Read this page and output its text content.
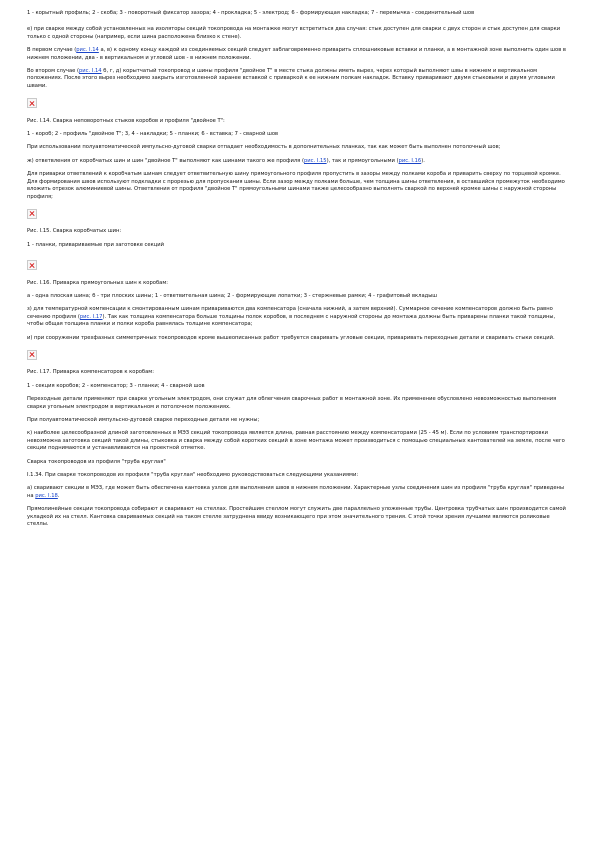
1 - корытный профиль; 2 - скоба; 3 - поворотный фиксатор зазора; 4 - прокладка; 5 - электрод; 6 - формирующая накладка; 7 - перемычка - соединительный шов

е) при сварке между собой установленных на изоляторы секций токопровода на монтажке могут встретиться два случая: стык доступен для сварки с двух сторон и стык доступен для сварки только с одной стороны (например, если шина расположена близко к стене).

В первом случае (рис. I.14 а, в) к одному концу каждой из соединяемых секций следует заблаговременно приварить сплошниковые вставки и планки, а в монтажной зоне выполнить один шов в нижнем положении, два - в вертикальном и угловой шов - в нижнем положении.

Во втором случае (рис. I.14 б, г, д) корытчатый токопровод и шины профиля "двойное Т" в месте стыка должны иметь вырез, через который выполняют швы в нижнем и вертикальном положениях. После этого вырез необходимо закрыть изготовленной заранее вставкой с приваркой к ее нижним полкам накладок. Вставку приваривают двумя стыковыми и двумя угловыми швами.

Рис. I.14. Сварка неповоротных стыков коробов и профиля "двойное Т":

1 - короб; 2 - профиль "двойное Т"; 3, 4 - накладки; 5 - планки; 6 - вставка; 7 - сварной шов

При использовании полуавтоматической импульсно-дуговой сварки отпадает необходимость в дополнительных планках, так как может быть выполнен потолочный шов;

ж) ответвления от коробчатых шин и шин "двойное Т" выполняют как шинами такого же профиля (рис. I.15), так и прямоугольными (рис. I.16).

Для приварки ответвлений к коробчатым шинам следует ответвительную шину прямоугольного профиля пропустить в зазоры между полками короба и приварить сверху по торцевой кромке. Для формирования швов используют подкладки с прорезью для пропускания шины. Если зазор между полками больше, чем толщина шины ответвления, в оставшийся промежуток необходимо вложить отрезок алюминиевой шины. Ответвления от профиля "двойное Т" прямоугольными шинами также целесообразно выполнять сваркой по верхней кромке шины с наружной стороны профиля;

Рис. I.15. Сварка коробчатых шин:

1 - планки, привариваемые при заготовке секций

Рис. I.16. Приварка прямоугольных шин к коробам:

а - одна плоская шина; б - три плоских шины; 1 - ответвительная шина; 2 - формирующие лопатки; 3 - стержневые рамки; 4 - графитовый вкладыш

з) для температурной компенсации к смонтированным шинам привариваются два компенсатора (сначала нижний, а затем верхний). Суммарное сечение компенсаторов должно быть равно сечению профиля (рис. I.17). Так как толщина компенсатора больше толщины полок коробов, в последнем с наружной стороны до монтажа должны быть приварены планки такой толщины, чтобы общая толщина планки и полки короба равнялась толщине компенсатора;

и) при сооружении трехфазных симметричных токопроводов кроме вышеописанных работ требуется сваривать угловые секции, приваривать переходные детали и сваривать стыки секций.

Рис. I.17. Приварка компенсаторов к коробам:

1 - секция коробов; 2 - компенсатор; 3 - планки; 4 - сварной шов

Переходные детали применяют при сварке угольным электродом, они служат для облегчения сварочных работ в монтажной зоне. Их применение обусловлено невозможностью выполнения сварки угольным электродом в вертикальном и потолочном положениях.

При полуавтоматической импульсно-дуговой сварке переходные детали не нужны;

к) наиболее целесообразной длиной заготовленных в МЭЗ секций токопровода является длина, равная расстоянию между компенсаторами (25 - 45 м). Если по условиям транспортировки невозможна заготовка секций такой длины, стыковка и сварка между собой коротких секций в зоне монтажа может производиться с помощью специальных кантователей на земле, после чего секции поднимаются и устанавливаются на проектной отметке.

Сварка токопроводов из профиля "труба круглая"

I.1.34. При сварке токопроводов из профиля "труба круглая" необходимо руководствоваться следующими указаниями:

а) сваривают секции в МЭЗ, где может быть обеспечена кантовка узлов для выполнения швов в нижнем положении. Характерные узлы соединения шин из профиля "труба круглая" приведены на рис. I.18.

Прямолинейные секции токопровода собирают и сваривают на стеллах. Простейшим стеллом могут служить две параллельно уложенные трубы. Центровка трубчатых шин производится самой укладкой их на стелл. Кантовка свариваемых секций на таком стелле затруднена ввиду возникающего при этом значительного трения. С этой точки зрения лучшими являются роликовые стеллы.
